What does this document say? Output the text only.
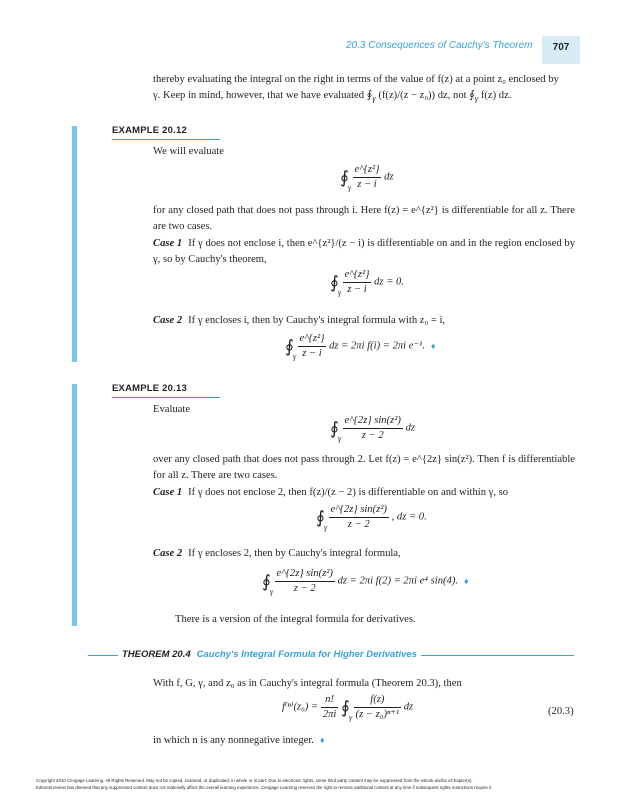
20.3 Consequences of Cauchy's Theorem	707
thereby evaluating the integral on the right in terms of the value of f(z) at a point z₀ enclosed by
γ. Keep in mind, however, that we have evaluated $∮_\gamma$ (f(z)/(z − z₀)) dz, not $∮_\gamma$ f(z) dz.
EXAMPLE 20.12
We will evaluate
∮
γ
$\frac{\text{e\textasciicircum{}\{z²\}}}{z - i}$ dz
for any closed path that does not pass through i. Here f(z) = e^{z²} is differentiable for all z. There are two cases.
Case 1 If γ does not enclose i, then e^{z²}/(z − i) is differentiable on and in the region enclosed by γ, so by Cauchy's theorem,
∮
γ
$\frac{\text{e\textasciicircum{}\{z²\}}}{z - i}$ dz = 0.
Case 2 If γ encloses i, then by Cauchy's integral formula with z₀ = i,
∮
γ
$\frac{\text{e\textasciicircum{}\{z²\}}}{z - i}$ dz = 2πi f(i) = 2πi e⁻¹. ♦
EXAMPLE 20.13
Evaluate
∮
γ
$\frac{\text{e\textasciicircum{}\{2z\} sin(z²)}}{z - 2}$ dz
over any closed path that does not pass through 2. Let f(z) = e^{2z} sin(z²). Then f is differentiable for all z. There are two cases.
Case 1 If γ does not enclose 2, then f(z)/(z − 2) is differentiable on and within γ, so
∮
γ
$\frac{\text{e\textasciicircum{}\{2z\} sin(z²)}}{z - 2}$ , dz = 0.
Case 2 If γ encloses 2, then by Cauchy's integral formula,
∮
γ
$\frac{\text{e\textasciicircum{}\{2z\} sin(z²)}}{z - 2}$ dz = 2πi f(2) = 2πi e⁴ sin(4). ♦
There is a version of the integral formula for derivatives.
THEOREM 20.4 Cauchy's Integral Formula for Higher Derivatives
With f, G, γ, and z₀ as in Cauchy's integral formula (Theorem 20.3), then
$f^{(n)}(z_0) = \frac{n!}{2\pi i}$ ∮
γ
$\frac{f(z)}{\text{(z − z₀)ⁿ⁺¹}}$ dz	(20.3)
in which n is any nonnegative integer. ♦
Copyright 2010 Cengage Learning. All Rights Reserved. May not be copied, scanned, or duplicated, in whole or in part. Due to electronic rights, some third party content may be suppressed from the eBook and/or eChapter(s).
Editorial review has deemed that any suppressed content does not materially affect the overall learning experience. Cengage Learning reserves the right to remove additional content at any time if subsequent rights restrictions require it.
